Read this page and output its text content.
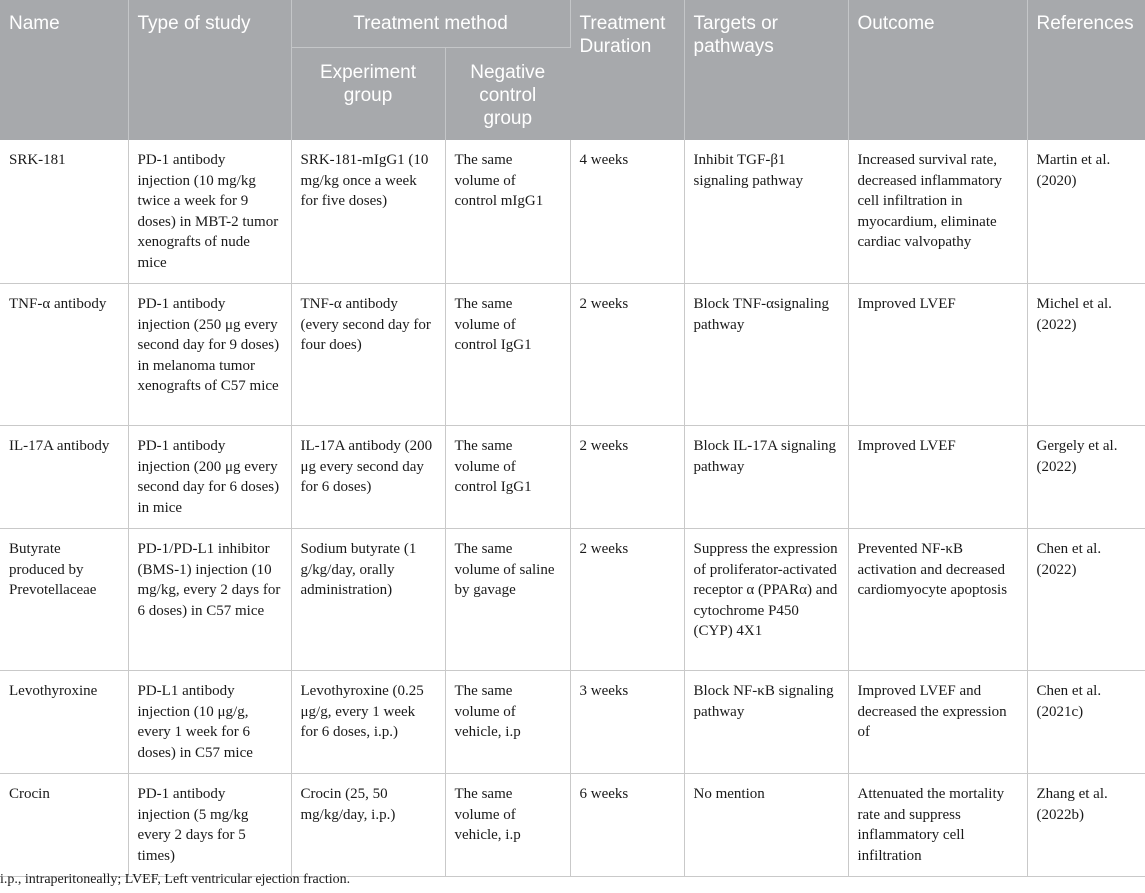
Name	Type of study	Treatment method		Treatment Duration	Targets or pathways	Outcome	References
		Experiment group	Negative control group				
SRK-181	PD-1 antibody injection (10 mg/kg twice a week for 9 doses) in MBT-2 tumor xenografts of nude mice	SRK-181-mIgG1 (10 mg/kg once a week for five doses)	The same volume of control mIgG1	4 weeks	Inhibit TGF-β1 signaling pathway	Increased survival rate, decreased inflammatory cell infiltration in myocardium, eliminate cardiac valvopathy	Martin et al. (2020)
TNF-α antibody	PD-1 antibody injection (250 μg every second day for 9 doses) in melanoma tumor xenografts of C57 mice	TNF-α antibody (every second day for four does)	The same volume of control IgG1	2 weeks	Block TNF-αsignaling pathway	Improved LVEF	Michel et al. (2022)
IL-17A antibody	PD-1 antibody injection (200 μg every second day for 6 doses) in mice	IL-17A antibody (200 μg every second day for 6 doses)	The same volume of control IgG1	2 weeks	Block IL-17A signaling pathway	Improved LVEF	Gergely et al. (2022)
Butyrate produced by Prevotellaceae	PD-1/PD-L1 inhibitor (BMS-1) injection (10 mg/kg, every 2 days for 6 doses) in C57 mice	Sodium butyrate (1 g/kg/day, orally administration)	The same volume of saline by gavage	2 weeks	Suppress the expression of proliferator-activated receptor α (PPARα) and cytochrome P450 (CYP) 4X1	Prevented NF-κB activation and decreased cardiomyocyte apoptosis	Chen et al. (2022)
Levothyroxine	PD-L1 antibody injection (10 μg/g, every 1 week for 6 doses) in C57 mice	Levothyroxine (0.25 μg/g, every 1 week for 6 doses, i.p.)	The same volume of vehicle, i.p	3 weeks	Block NF-κB signaling pathway	Improved LVEF and decreased the expression of	Chen et al. (2021c)
Crocin	PD-1 antibody injection (5 mg/kg every 2 days for 5 times)	Crocin (25, 50 mg/kg/day, i.p.)	The same volume of vehicle, i.p	6 weeks	No mention	Attenuated the mortality rate and suppress inflammatory cell infiltration	Zhang et al. (2022b)
i.p., intraperitoneally; LVEF, Left ventricular ejection fraction.
